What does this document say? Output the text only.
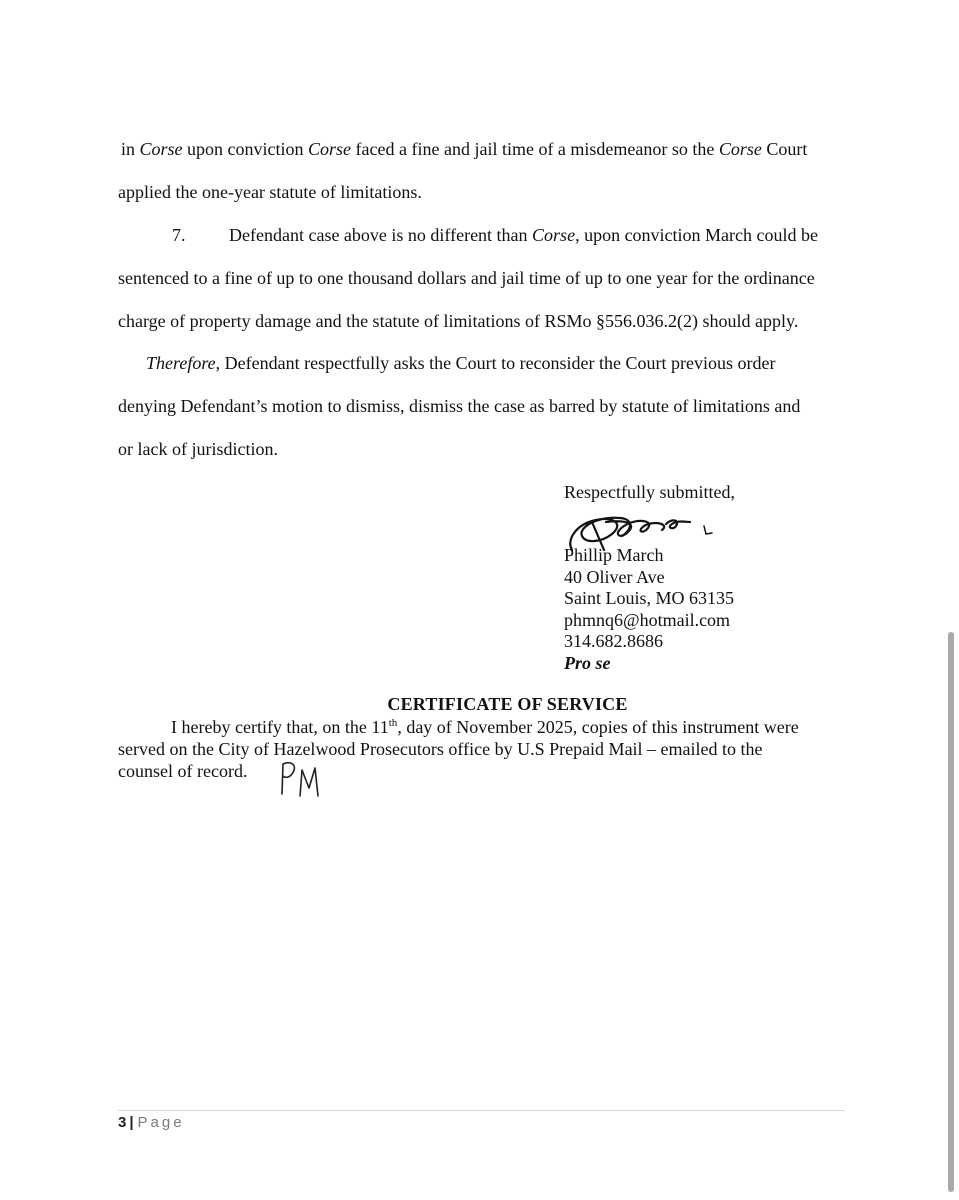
in Corse upon conviction Corse faced a fine and jail time of a misdemeanor so the Corse Court
applied the one-year statute of limitations.
7. Defendant case above is no different than Corse, upon conviction March could be
sentenced to a fine of up to one thousand dollars and jail time of up to one year for the ordinance
charge of property damage and the statute of limitations of RSMo §556.036.2(2) should apply.
Therefore, Defendant respectfully asks the Court to reconsider the Court previous order
denying Defendant’s motion to dismiss, dismiss the case as barred by statute of limitations and
or lack of jurisdiction.
Respectfully submitted,
Phillip March
40 Oliver Ave
Saint Louis, MO 63135
phmnq6@hotmail.com
314.682.8686
Pro se
CERTIFICATE OF SERVICE
I hereby certify that, on the 11th, day of November 2025, copies of this instrument were
served on the City of Hazelwood Prosecutors office by U.S Prepaid Mail – emailed to the
counsel of record.
3 | Page
